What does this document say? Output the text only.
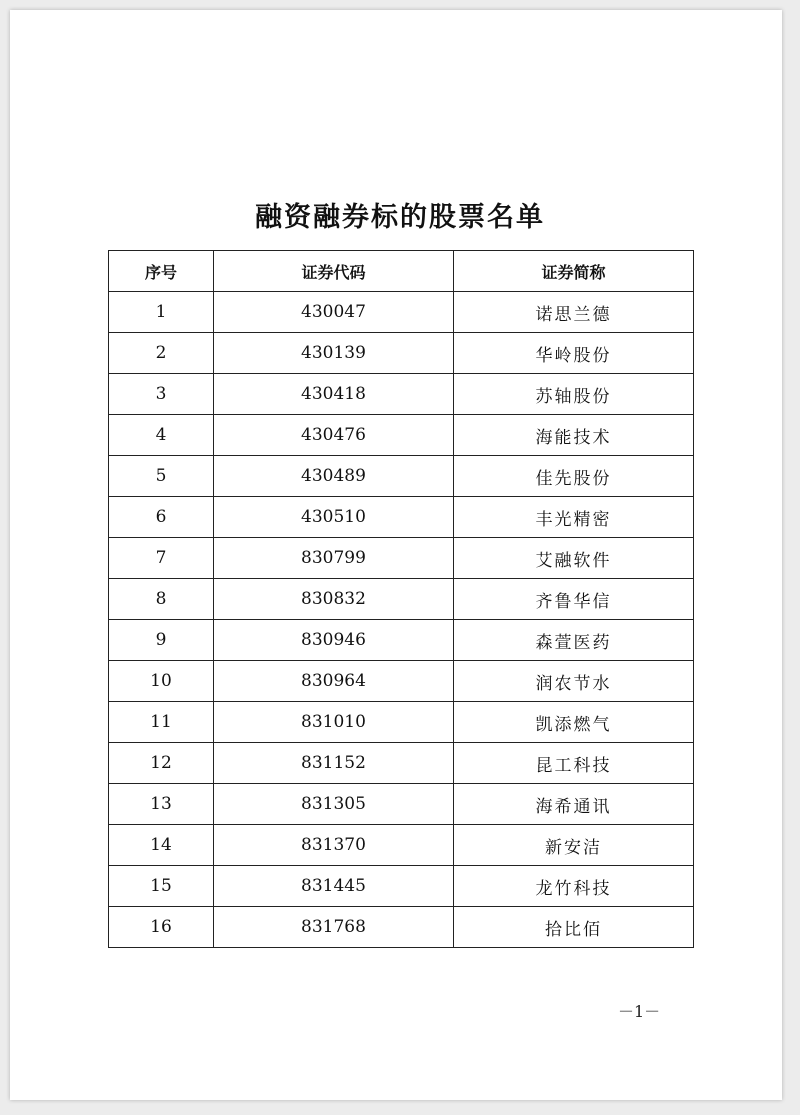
融资融券标的股票名单
序号	证券代码	证券简称
1	430047	诺思兰德
2	430139	华岭股份
3	430418	苏轴股份
4	430476	海能技术
5	430489	佳先股份
6	430510	丰光精密
7	830799	艾融软件
8	830832	齐鲁华信
9	830946	森萱医药
10	830964	润农节水
11	831010	凯添燃气
12	831152	昆工科技
13	831305	海希通讯
14	831370	新安洁
15	831445	龙竹科技
16	831768	拾比佰
－1－
